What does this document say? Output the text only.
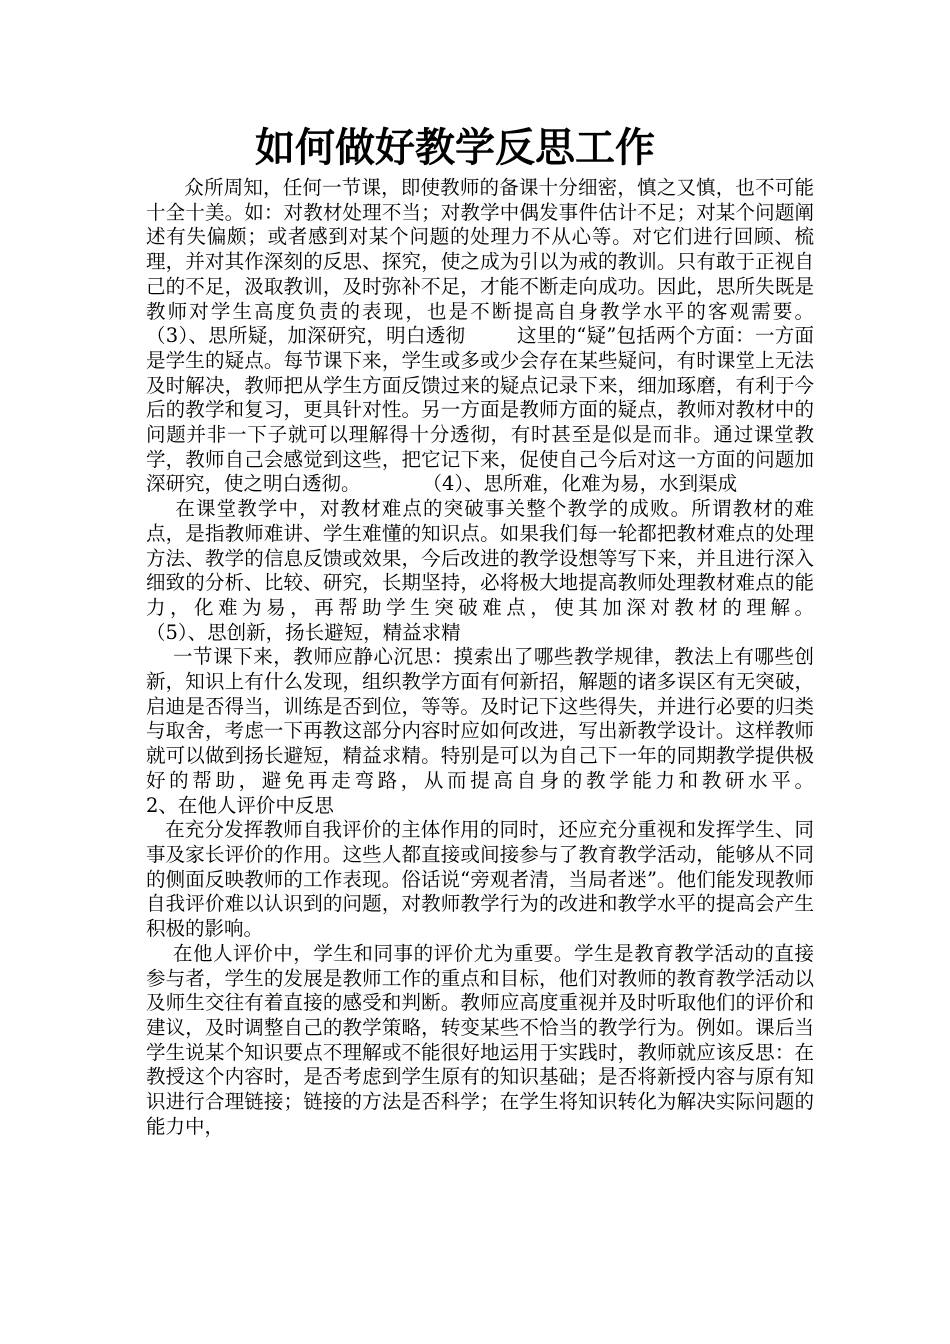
如何做好教学反思工作

众所周知，任何一节课，即使教师的备课十分细密，慎之又慎，也不可能十全十美。如：对教材处理不当；对教学中偶发事件估计不足；对某个问题阐述有失偏颇；或者感到对某个问题的处理力不从心等。对它们进行回顾、梳理，并对其作深刻的反思、探究，使之成为引以为戒的教训。只有敢于正视自己的不足，汲取教训，及时弥补不足，才能不断走向成功。因此，思所失既是教师对学生高度负责的表现，也是不断提高自身教学水平的客观需要。          （3）、思所疑，加深研究，明白透彻        这里的“疑”包括两个方面：一方面是学生的疑点。每节课下来，学生或多或少会存在某些疑问，有时课堂上无法及时解决，教师把从学生方面反馈过来的疑点记录下来，细加琢磨，有利于今后的教学和复习，更具针对性。另一方面是教师方面的疑点，教师对教材中的问题并非一下子就可以理解得十分透彻，有时甚至是似是而非。通过课堂教学，教师自己会感觉到这些，把它记下来，促使自己今后对这一方面的问题加深研究，使之明白透彻。          （4）、思所难，化难为易，水到渠成

在课堂教学中，对教材难点的突破事关整个教学的成败。所谓教材的难点，是指教师难讲、学生难懂的知识点。如果我们每一轮都把教材难点的处理方法、教学的信息反馈或效果，今后改进的教学设想等写下来，并且进行深入细致的分析、比较、研究，长期坚持，必将极大地提高教师处理教材难点的能力，化难为易，再帮助学生突破难点，使其加深对教材的理解。          （5）、思创新，扬长避短，精益求精

一节课下来，教师应静心沉思：摸索出了哪些教学规律，教法上有哪些创新，知识上有什么发现，组织教学方面有何新招，解题的诸多误区有无突破，启迪是否得当，训练是否到位，等等。及时记下这些得失，并进行必要的归类与取舍，考虑一下再教这部分内容时应如何改进，写出新教学设计。这样教师就可以做到扬长避短，精益求精。特别是可以为自己下一年的同期教学提供极好的帮助，避免再走弯路，从而提高自身的教学能力和教研水平。                2、在他人评价中反思

在充分发挥教师自我评价的主体作用的同时，还应充分重视和发挥学生、同事及家长评价的作用。这些人都直接或间接参与了教育教学活动，能够从不同的侧面反映教师的工作表现。俗话说“旁观者清，当局者迷”。他们能发现教师自我评价难以认识到的问题，对教师教学行为的改进和教学水平的提高会产生积极的影响。

在他人评价中，学生和同事的评价尤为重要。学生是教育教学活动的直接参与者，学生的发展是教师工作的重点和目标，他们对教师的教育教学活动以及师生交往有着直接的感受和判断。教师应高度重视并及时听取他们的评价和建议，及时调整自己的教学策略，转变某些不恰当的教学行为。例如。课后当学生说某个知识要点不理解或不能很好地运用于实践时，教师就应该反思：在教授这个内容时，是否考虑到学生原有的知识基础；是否将新授内容与原有知识进行合理链接；链接的方法是否科学；在学生将知识转化为解决实际问题的能力中，
